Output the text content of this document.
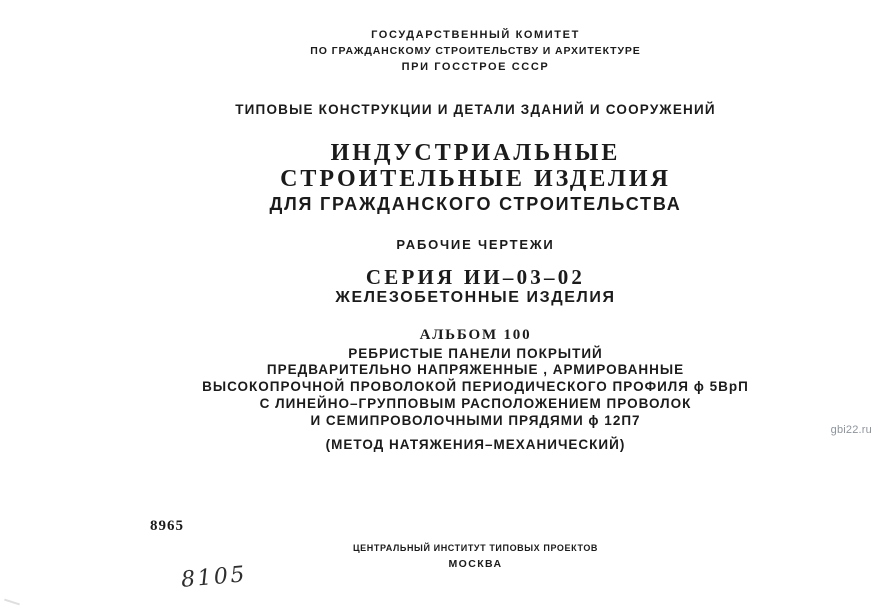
ГОСУДАРСТВЕННЫЙ КОМИТЕТ
ПО ГРАЖДАНСКОМУ СТРОИТЕЛЬСТВУ И АРХИТЕКТУРЕ
ПРИ ГОССТРОЕ СССР
ТИПОВЫЕ КОНСТРУКЦИИ И ДЕТАЛИ ЗДАНИЙ И СООРУЖЕНИЙ
ИНДУСТРИАЛЬНЫЕ
СТРОИТЕЛЬНЫЕ ИЗДЕЛИЯ
ДЛЯ ГРАЖДАНСКОГО СТРОИТЕЛЬСТВА
РАБОЧИЕ ЧЕРТЕЖИ
СЕРИЯ ИИ–03–02
ЖЕЛЕЗОБЕТОННЫЕ ИЗДЕЛИЯ
АЛЬБОМ 100
РЕБРИСТЫЕ ПАНЕЛИ ПОКРЫТИЙ
ПРЕДВАРИТЕЛЬНО НАПРЯЖЕННЫЕ , АРМИРОВАННЫЕ
ВЫСОКОПРОЧНОЙ ПРОВОЛОКОЙ ПЕРИОДИЧЕСКОГО ПРОФИЛЯ ϕ 5ВрП
С ЛИНЕЙНО–ГРУППОВЫМ РАСПОЛОЖЕНИЕМ ПРОВОЛОК
И СЕМИПРОВОЛОЧНЫМИ ПРЯДЯМИ ϕ 12П7
(МЕТОД НАТЯЖЕНИЯ–МЕХАНИЧЕСКИЙ)
8965
ЦЕНТРАЛЬНЫЙ ИНСТИТУТ ТИПОВЫХ ПРОЕКТОВ
МОСКВА
8105
gbi22.ru
